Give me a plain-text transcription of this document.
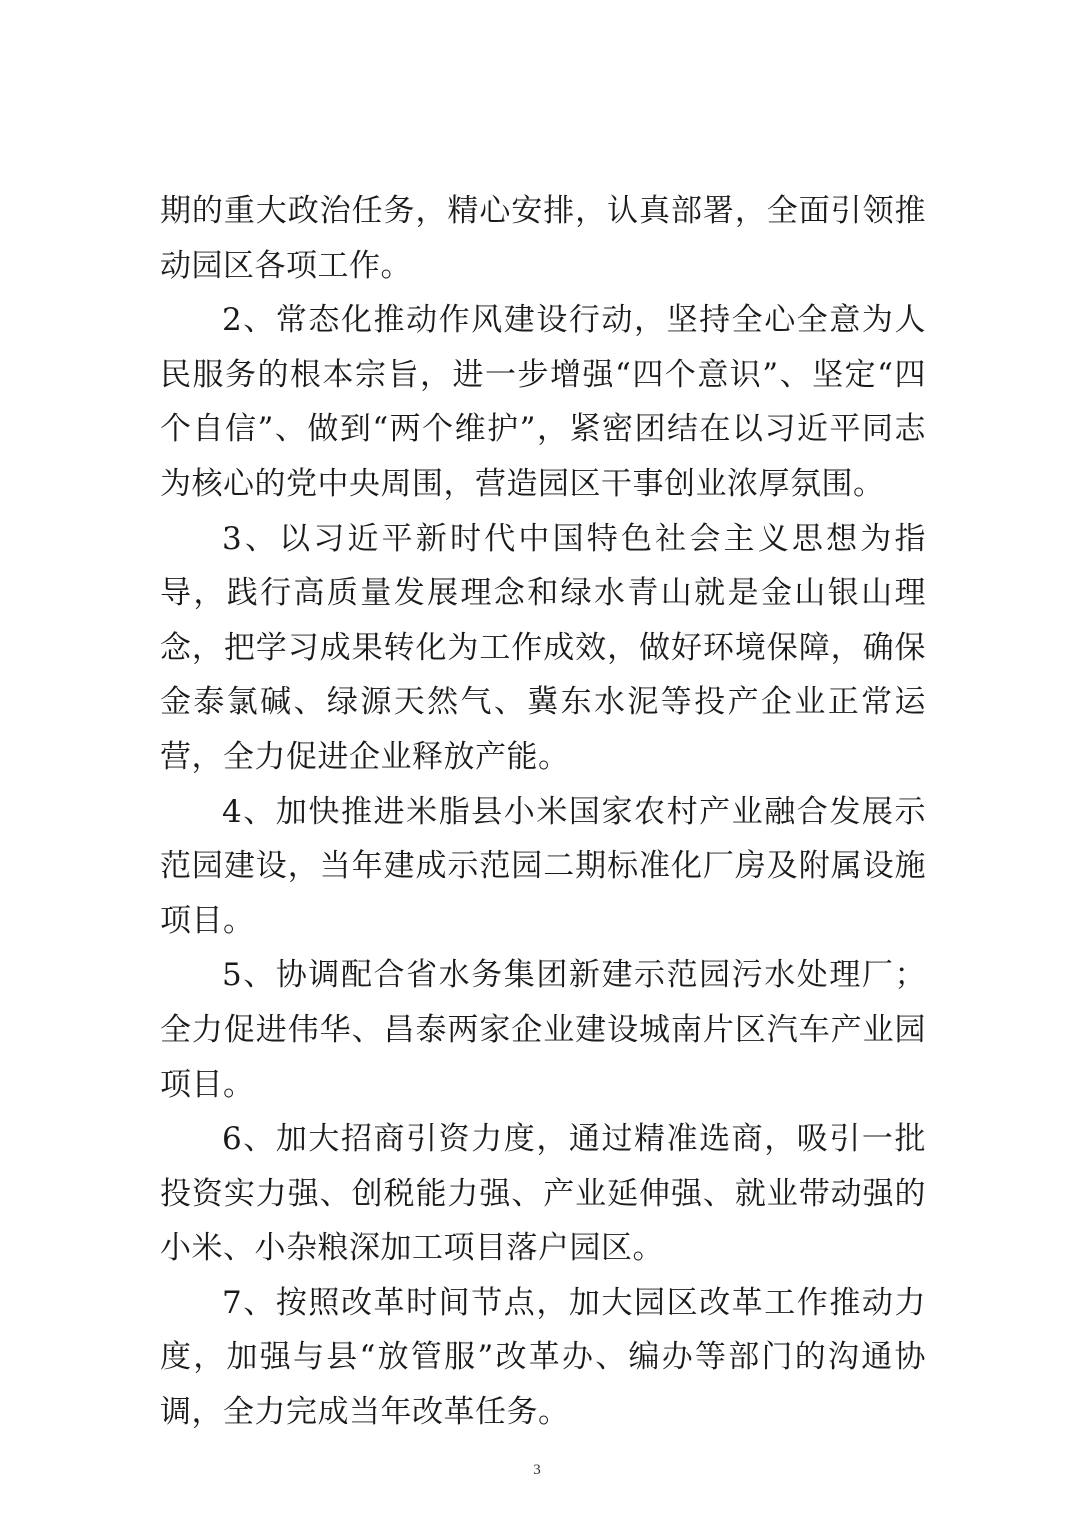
期的重大政治任务，精心安排，认真部署，全面引领推动园区各项工作。

2、常态化推动作风建设行动，坚持全心全意为人民服务的根本宗旨，进一步增强“四个意识”、坚定“四个自信”、做到“两个维护”，紧密团结在以习近平同志为核心的党中央周围，营造园区干事创业浓厚氛围。

3、以习近平新时代中国特色社会主义思想为指导，践行高质量发展理念和绿水青山就是金山银山理念，把学习成果转化为工作成效，做好环境保障，确保金泰氯碱、绿源天然气、冀东水泥等投产企业正常运营，全力促进企业释放产能。

4、加快推进米脂县小米国家农村产业融合发展示范园建设，当年建成示范园二期标准化厂房及附属设施项目。

5、协调配合省水务集团新建示范园污水处理厂；全力促进伟华、昌泰两家企业建设城南片区汽车产业园项目。

6、加大招商引资力度，通过精准选商，吸引一批投资实力强、创税能力强、产业延伸强、就业带动强的小米、小杂粮深加工项目落户园区。

7、按照改革时间节点，加大园区改革工作推动力度，加强与县“放管服”改革办、编办等部门的沟通协调，全力完成当年改革任务。

3
